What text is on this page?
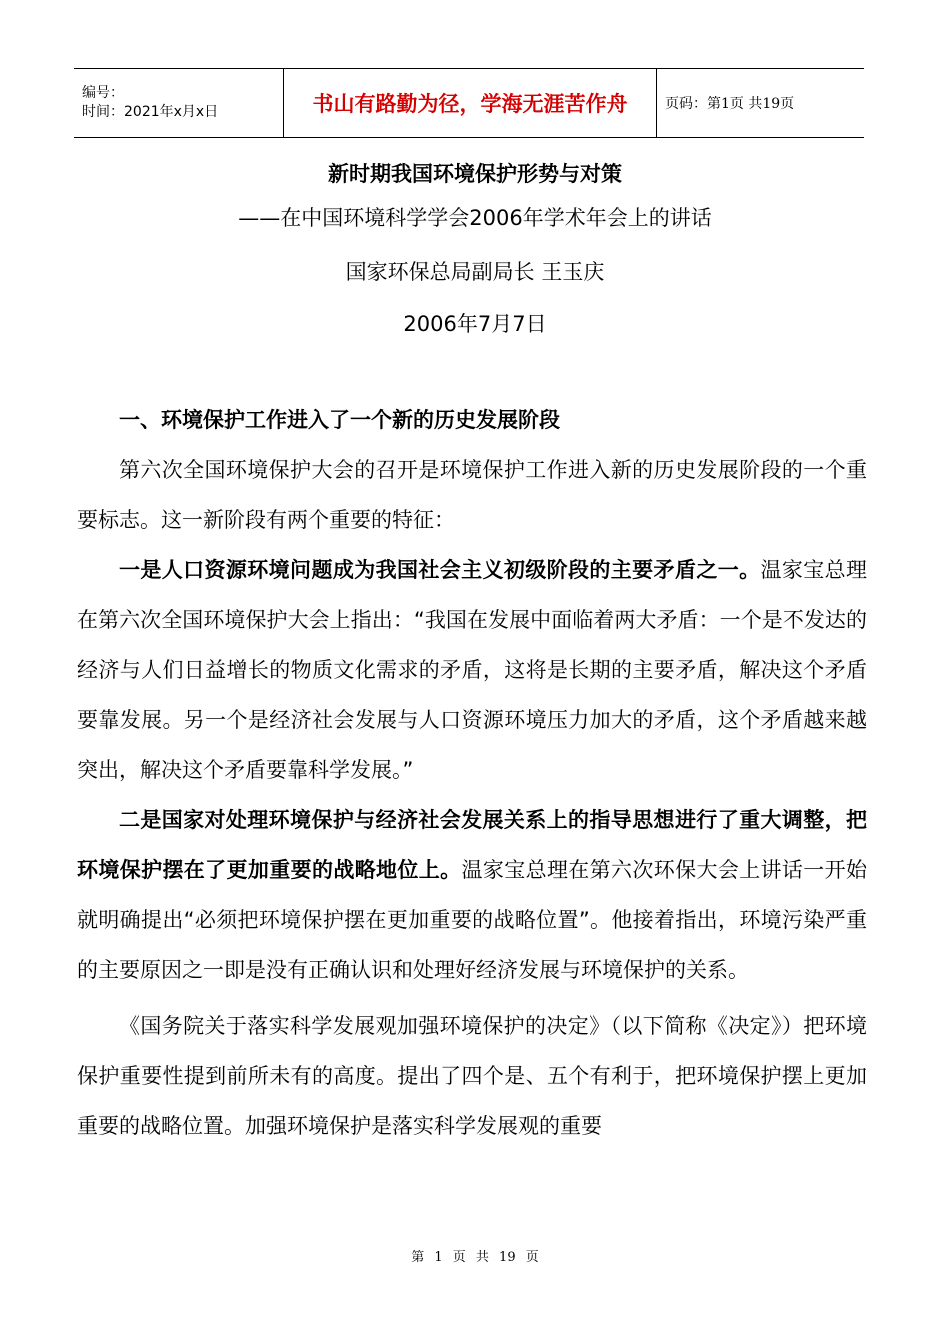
编号：
时间：2021年x月x日	书山有路勤为径，学海无涯苦作舟	页码：第1页 共19页
新时期我国环境保护形势与对策
——在中国环境科学学会2006年学术年会上的讲话
国家环保总局副局长 王玉庆
2006年7月7日

一、环境保护工作进入了一个新的历史发展阶段

第六次全国环境保护大会的召开是环境保护工作进入新的历史发展阶段的一个重要标志。这一新阶段有两个重要的特征：

一是人口资源环境问题成为我国社会主义初级阶段的主要矛盾之一。温家宝总理在第六次全国环境保护大会上指出：“我国在发展中面临着两大矛盾：一个是不发达的经济与人们日益增长的物质文化需求的矛盾，这将是长期的主要矛盾，解决这个矛盾要靠发展。另一个是经济社会发展与人口资源环境压力加大的矛盾，这个矛盾越来越突出，解决这个矛盾要靠科学发展。”

二是国家对处理环境保护与经济社会发展关系上的指导思想进行了重大调整，把环境保护摆在了更加重要的战略地位上。温家宝总理在第六次环保大会上讲话一开始就明确提出“必须把环境保护摆在更加重要的战略位置”。他接着指出，环境污染严重的主要原因之一即是没有正确认识和处理好经济发展与环境保护的关系。

《国务院关于落实科学发展观加强环境保护的决定》（以下简称《决定》）把环境保护重要性提到前所未有的高度。提出了四个是、五个有利于，把环境保护摆上更加重要的战略位置。加强环境保护是落实科学发展观的重要

第 1 页 共 19 页
